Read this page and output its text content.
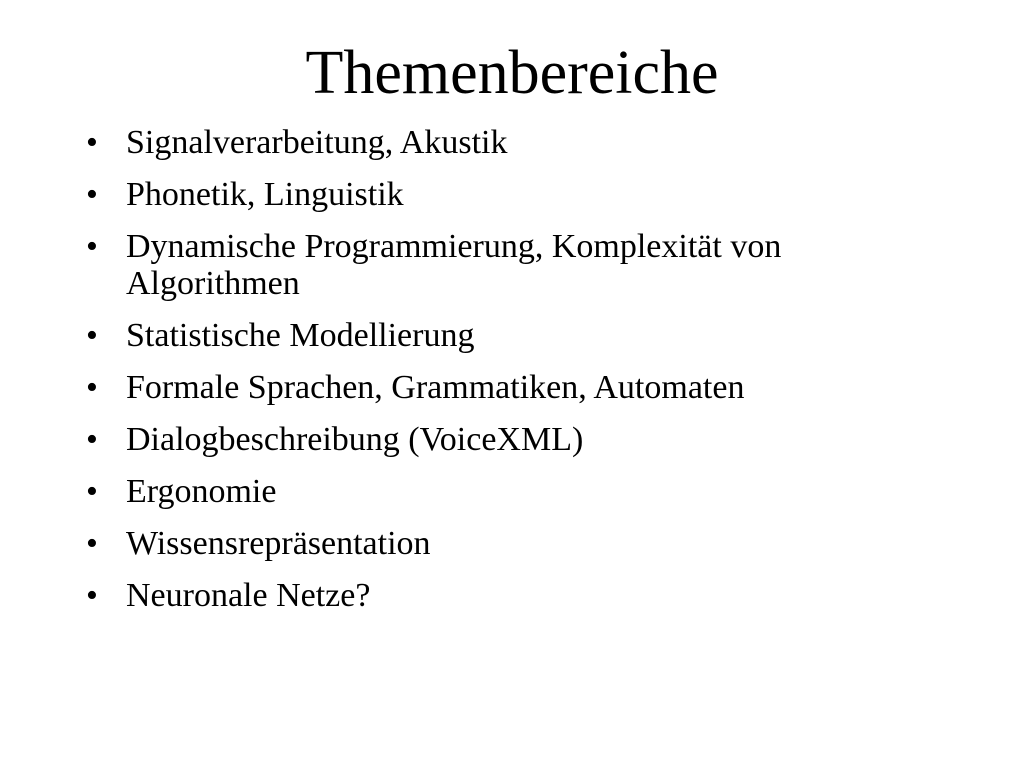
Themenbereiche
• Signalverarbeitung, Akustik
• Phonetik, Linguistik
• Dynamische Programmierung, Komplexität von Algorithmen
• Statistische Modellierung
• Formale Sprachen, Grammatiken, Automaten
• Dialogbeschreibung (VoiceXML)
• Ergonomie
• Wissensrepräsentation
• Neuronale Netze?
